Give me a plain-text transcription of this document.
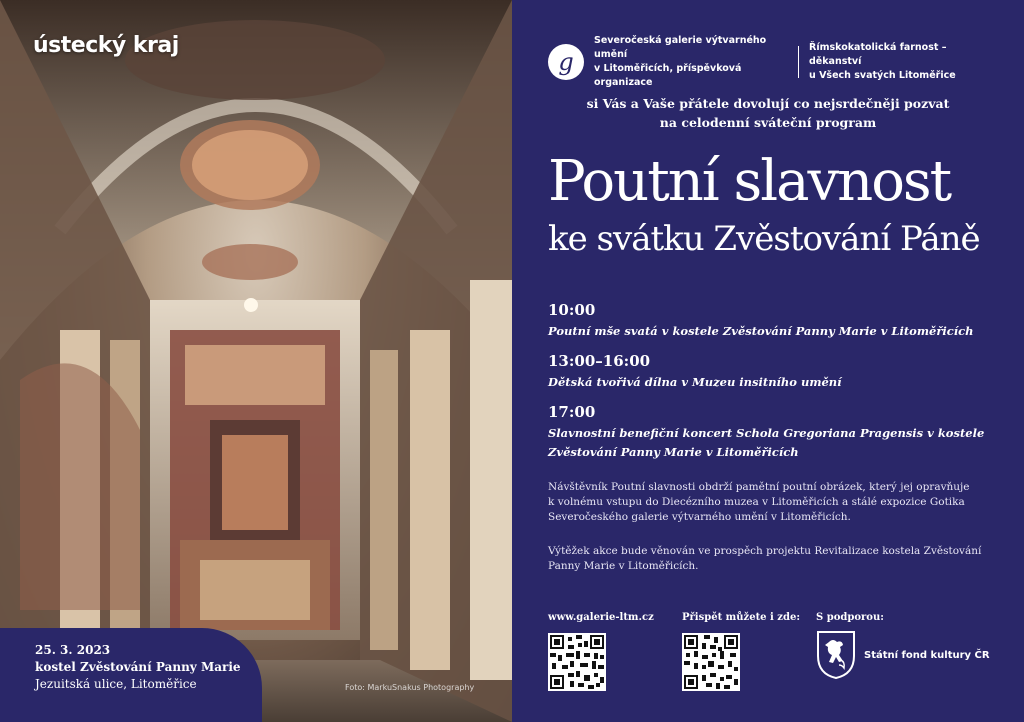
ústecký kraj
Foto: MarkuSnakus Photography
25. 3. 2023
kostel Zvěstování Panny Marie
Jezuitská ulice, Litoměřice
g
Severočeská galerie výtvarného umění
v Litoměřicích, příspěvková organizace
Římskokatolická farnost – děkanství
u Všech svatých Litoměřice
si Vás a Vaše přátele dovolují co nejsrdečněji pozvat
na celodenní sváteční program
Poutní slavnost
ke svátku Zvěstování Páně
10:00
Poutní mše svatá v kostele Zvěstování Panny Marie v Litoměřicích
13:00–16:00
Dětská tvořivá dílna v Muzeu insitního umění
17:00
Slavnostní benefiční koncert Schola Gregoriana Pragensis v kostele
Zvěstování Panny Marie v Litoměřicích
Návštěvník Poutní slavnosti obdrží pamětní poutní obrázek, který jej opravňuje
k volnému vstupu do Diecézního muzea v Litoměřicích a stálé expozice Gotika
Severočeského galerie výtvarného umění v Litoměřicích.
Výtěžek akce bude věnován ve prospěch projektu Revitalizace kostela Zvěstování
Panny Marie v Litoměřicích.
www.galerie-ltm.cz	Přispět můžete i zde: S podporou:
Státní fond kultury ČR
